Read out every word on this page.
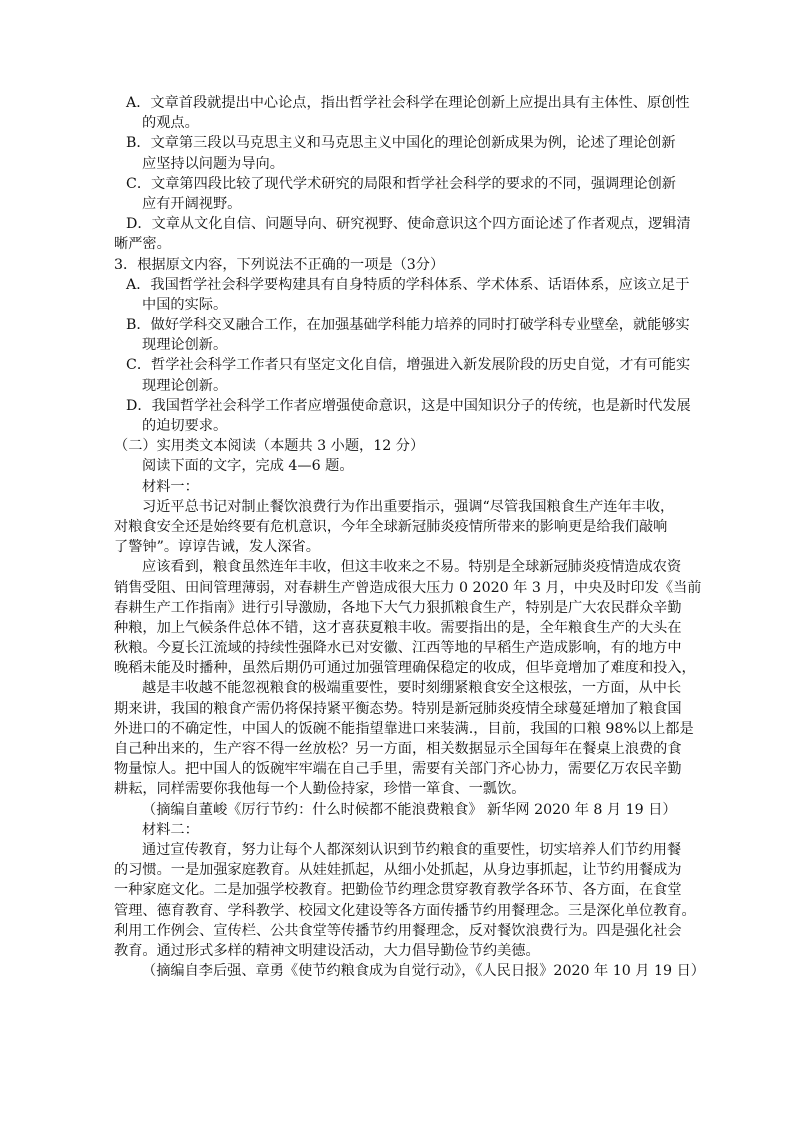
A．文章首段就提出中心论点，指出哲学社会科学在理论创新上应提出具有主体性、原创性
的观点。
B．文章第三段以马克思主义和马克思主义中国化的理论创新成果为例，论述了理论创新
应坚持以问题为导向。
C．文章第四段比较了现代学术研究的局限和哲学社会科学的要求的不同，强调理论创新
应有开阔视野。
D．文章从文化自信、问题导向、研究视野、使命意识这个四方面论述了作者观点，逻辑清
晰严密。
3．根据原文内容，下列说法不正确的一项是（3分）
A．我国哲学社会科学要构建具有自身特质的学科体系、学术体系、话语体系，应该立足于
中国的实际。
B．做好学科交叉融合工作，在加强基础学科能力培养的同时打破学科专业壁垒，就能够实
现理论创新。
C．哲学社会科学工作者只有坚定文化自信，增强进入新发展阶段的历史自觉，才有可能实
现理论创新。
D．我国哲学社会科学工作者应增强使命意识，这是中国知识分子的传统，也是新时代发展
的迫切要求。
（二）实用类文本阅读（本题共 3 小题，12 分）
阅读下面的文字，完成 4—6 题。
材料一：
习近平总书记对制止餐饮浪费行为作出重要指示，强调“尽管我国粮食生产连年丰收，
对粮食安全还是始终要有危机意识，今年全球新冠肺炎疫情所带来的影响更是给我们敲响
了警钟”。谆谆告诫，发人深省。
应该看到，粮食虽然连年丰收，但这丰收来之不易。特别是全球新冠肺炎疫情造成农资
销售受阻、田间管理薄弱，对春耕生产曾造成很大压力 0 2020 年 3 月，中央及时印发《当前
春耕生产工作指南》进行引导激励，各地下大气力狠抓粮食生产，特别是广大农民群众辛勤
种粮，加上气候条件总体不错，这才喜获夏粮丰收。需要指出的是，全年粮食生产的大头在
秋粮。今夏长江流域的持续性强降水已对安徽、江西等地的早稻生产造成影响，有的地方中
晚稻未能及时播种，虽然后期仍可通过加强管理确保稳定的收成，但毕竟增加了难度和投入，
越是丰收越不能忽视粮食的极端重要性，要时刻绷紧粮食安全这根弦，一方面，从中长
期来讲，我国的粮食产需仍将保持紧平衡态势。特别是新冠肺炎疫情全球蔓延增加了粮食国
外进口的不确定性，中国人的饭碗不能指望靠进口来装满.，目前，我国的口粮 98%以上都是
自己种出来的，生产容不得一丝放松？另一方面，相关数据显示全国每年在餐桌上浪费的食
物量惊人。把中国人的饭碗牢牢端在自己手里，需要有关部门齐心协力，需要亿万农民辛勤
耕耘，同样需要你我他每一个人勤俭持家，珍惜一箪食、一瓢饮。
（摘编自董峻《厉行节约：什么时候都不能浪费粮食》 新华网 2020 年 8 月 19 日）
材料二：
通过宣传教育，努力让每个人都深刻认识到节约粮食的重要性，切实培养人们节约用餐
的习惯。一是加强家庭教育。从娃娃抓起，从细小处抓起，从身边事抓起，让节约用餐成为
一种家庭文化。二是加强学校教育。把勤俭节约理念贯穿教育教学各环节、各方面，在食堂
管理、德育教育、学科教学、校园文化建设等各方面传播节约用餐理念。三是深化单位教育。
利用工作例会、宣传栏、公共食堂等传播节约用餐理念，反对餐饮浪费行为。四是强化社会
教育。通过形式多样的精神文明建设活动，大力倡导勤俭节约美德。
（摘编自李后强、章勇《使节约粮食成为自觉行动》，《人民日报》2020 年 10 月 19 日）
